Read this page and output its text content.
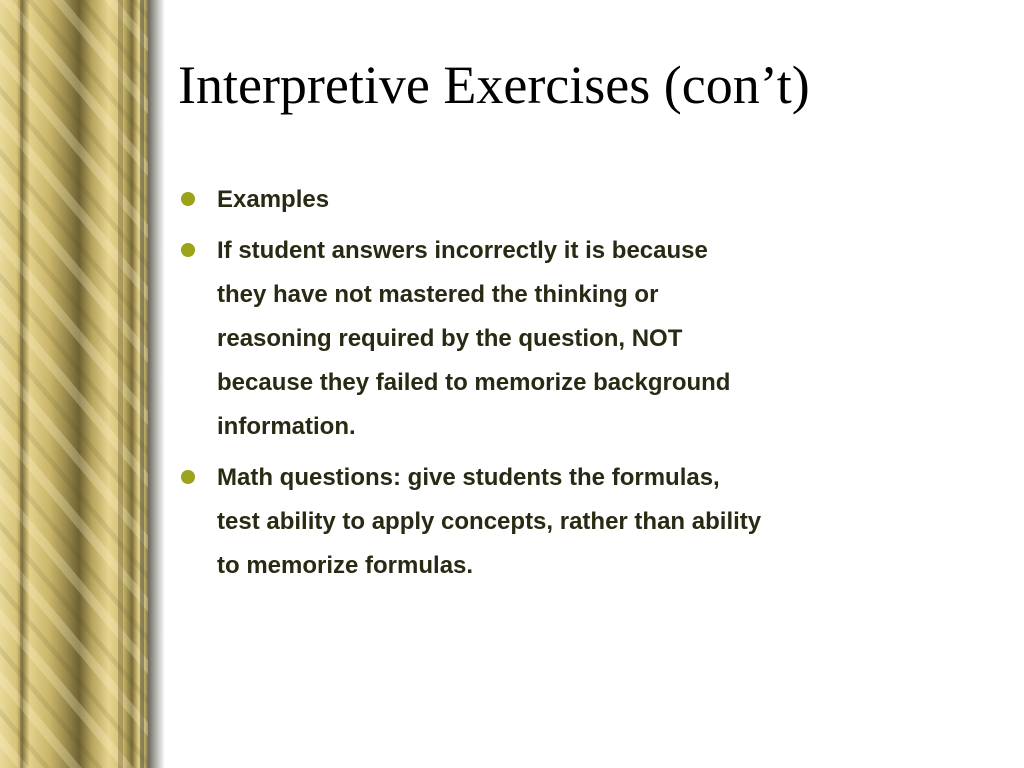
Interpretive Exercises (con’t)
Examples
If student answers incorrectly it is because
they have not mastered the thinking or
reasoning required by the question, NOT
because they failed to memorize background
information.
Math questions: give students the formulas,
test ability to apply concepts, rather than ability
to memorize formulas.
